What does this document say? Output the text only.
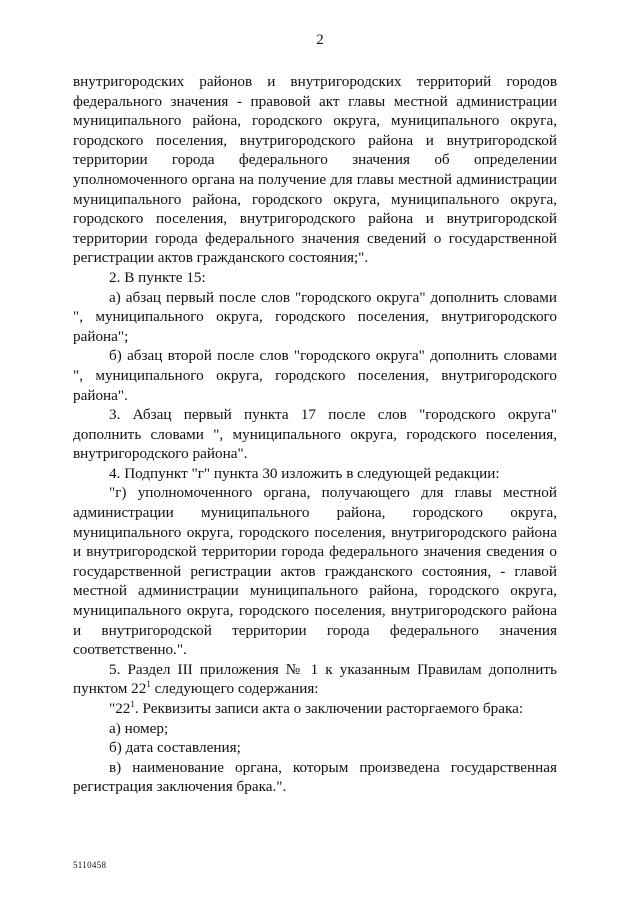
2

внутригородских районов и внутригородских территорий городов федерального значения - правовой акт главы местной администрации муниципального района, городского округа, муниципального округа, городского поселения, внутригородского района и внутригородской территории города федерального значения об определении уполномоченного органа на получение для главы местной администрации муниципального района, городского округа, муниципального округа, городского поселения, внутригородского района и внутригородской территории города федерального значения сведений о государственной регистрации актов гражданского состояния;".

2. В пункте 15:

а) абзац первый после слов "городского округа" дополнить словами ", муниципального округа, городского поселения, внутригородского района";

б) абзац второй после слов "городского округа" дополнить словами ", муниципального округа, городского поселения, внутригородского района".

3. Абзац первый пункта 17 после слов "городского округа" дополнить словами ", муниципального округа, городского поселения, внутригородского района".

4. Подпункт "г" пункта 30 изложить в следующей редакции:

"г) уполномоченного органа, получающего для главы местной администрации муниципального района, городского округа, муниципального округа, городского поселения, внутригородского района и внутригородской территории города федерального значения сведения о государственной регистрации актов гражданского состояния, - главой местной администрации муниципального района, городского округа, муниципального округа, городского поселения, внутригородского района и внутригородской территории города федерального значения соответственно.".

5. Раздел III приложения № 1 к указанным Правилам дополнить пунктом $22^1$ следующего содержания:

"$22^1$. Реквизиты записи акта о заключении расторгаемого брака:

а) номер;

б) дата составления;

в) наименование органа, которым произведена государственная регистрация заключения брака.".

5110458
